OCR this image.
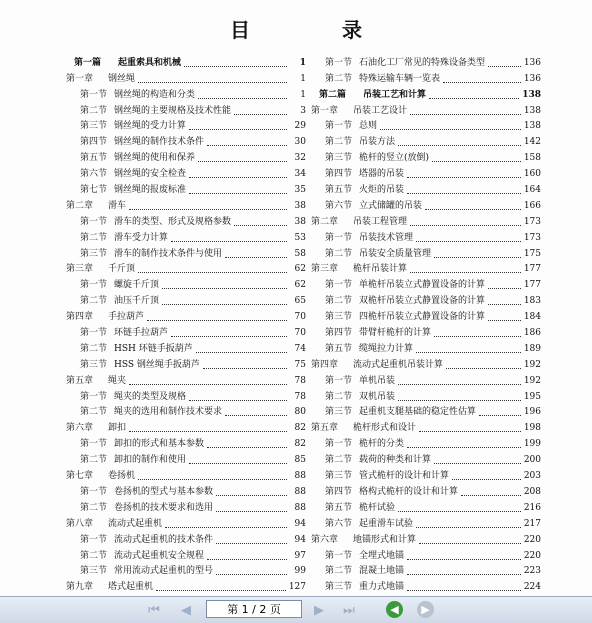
目　录
第一篇	起重索具和机械	1
第一章	钢丝绳	1
第一节 钢丝绳的构造和分类	1
第二节 钢丝绳的主要规格及技术性能	3
第三节 钢丝绳的受力计算	29
第四节 钢丝绳的制作技术条件	30
第五节 钢丝绳的使用和保养	32
第六节 钢丝绳的安全检查	34
第七节 钢丝绳的报废标准	35
第二章	滑车	38
第一节 滑车的类型、形式及规格参数	38
第二节 滑车受力计算	53
第三节 滑车的制作技术条件与使用	58
第三章	千斤顶	62
第一节 螺旋千斤顶	62
第二节 油压千斤顶	65
第四章	手拉葫芦	70
第一节 环链手拉葫芦	70
第二节 HSH 环链手扳葫芦	74
第三节 HSS 钢丝绳手扳葫芦	75
第五章	绳夹	78
第一节 绳夹的类型及规格	78
第二节 绳夹的选用和制作技术要求	80
第六章	卸扣	82
第一节 卸扣的形式和基本参数	82
第二节 卸扣的制作和使用	85
第七章	卷扬机	88
第一节 卷扬机的型式与基本参数	88
第二节 卷扬机的技术要求和选用	88
第八章	流动式起重机	94
第一节 流动式起重机的技术条件	94
第二节 流动式起重机安全规程	97
第三节 常用流动式起重机的型号	99
第九章	塔式起重机	127
第一节 石油化工厂常见的特殊设备类型	136
第二节 特殊运输车辆一览表	136
第二篇	吊装工艺和计算	138
第一章	吊装工艺设计	138
第一节 总则	138
第二节 吊装方法	142
第三节 桅杆的竖立(放倒)	158
第四节 塔器的吊装	160
第五节 火炬的吊装	164
第六节 立式储罐的吊装	166
第二章	吊装工程管理	173
第一节 吊装技术管理	173
第二节 吊装安全质量管理	175
第三章	桅杆吊装计算	177
第一节 单桅杆吊装立式静置设备的计算	177
第二节 双桅杆吊装立式静置设备的计算	183
第三节 四桅杆吊装立式静置设备的计算	184
第四节 带臂杆桅杆的计算	186
第五节 缆绳拉力计算	189
第四章	流动式起重机吊装计算	192
第一节 单机吊装	192
第二节 双机吊装	195
第三节 起重机支腿基础的稳定性估算	196
第五章	桅杆形式和设计	198
第一节 桅杆的分类	199
第二节 载荷的种类和计算	200
第三节 管式桅杆的设计和计算	203
第四节 格构式桅杆的设计和计算	208
第五节 桅杆试验	216
第六节 起重滑车试验	217
第六章	地锚形式和计算	220
第一节 全埋式地锚	220
第二节 混凝土地锚	223
第三节 重力式地锚	224
⏮	◀	第 1 / 2 页	▶	⏭	◀	▶
